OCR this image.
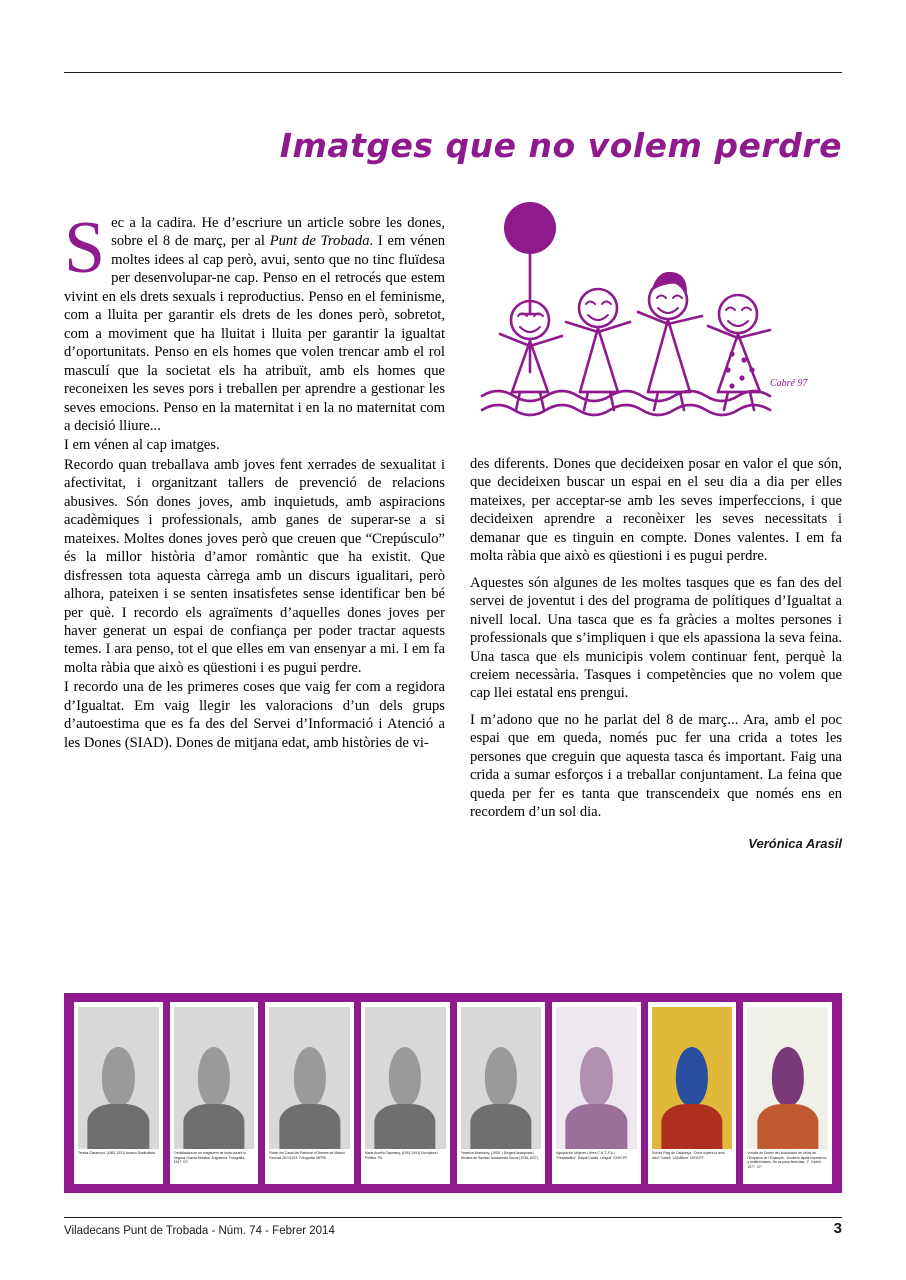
Imatges que no volem perdre
Cabré 97

Sec a la cadira. He d’escriure un article sobre les dones, sobre el 8 de març, per al Punt de Trobada. I em vénen moltes idees al cap però, avui, sento que no tinc fluïdesa per desenvolupar-ne cap. Penso en el retrocés que estem vivint en els drets sexuals i reproductius. Penso en el feminisme, com a lluita per garantir els drets de les dones però, sobretot, com a moviment que ha lluitat i lluita per garantir la igualtat d’oportunitats. Penso en els homes que volen trencar amb el rol masculí que la societat els ha atribuït, amb els homes que reconeixen les seves pors i treballen per aprendre a gestionar les seves emocions. Penso en la maternitat i en la no maternitat com a decisió lliure...

I em vénen al cap imatges.

Recordo quan treballava amb joves fent xerrades de sexualitat i afectivitat, i organitzant tallers de prevenció de relacions abusives. Són dones joves, amb inquietuds, amb aspiracions acadèmiques i professionals, amb ganes de superar-se a si mateixes. Moltes dones joves però que creuen que “Crepúsculo” és la millor història d’amor romàntic que ha existit. Que disfressen tota aquesta càrrega amb un discurs igualitari, però alhora, pateixen i se senten insatisfetes sense identificar ben bé per què. I recordo els agraïments d’aquelles dones joves per haver generat un espai de confiança per poder tractar aquests temes. I ara penso, tot el que elles em van ensenyar a mi. I em fa molta ràbia que això es qüestioni i es pugui perdre.

I recordo una de les primeres coses que vaig fer com a regidora d’Igualtat. Em vaig llegir les valoracions d’un dels grups d’autoestima que es fa des del Servei d’Informació i Atenció a les Dones (SIAD). Dones de mitjana edat, amb històries de vi-

des diferents. Dones que decideixen posar en valor el que són, que decideixen buscar un espai en el seu dia a dia per elles mateixes, per acceptar-se amb les seves imperfeccions, i que decideixen aprendre a reconèixer les seves necessitats i demanar que es tinguin en compte. Dones valentes. I em fa molta ràbia que això es qüestioni i es pugui perdre.

Aquestes són algunes de les moltes tasques que es fan des del servei de joventut i des del programa de polítiques d’Igualtat a nivell local. Una tasca que es fa gràcies a moltes persones i professionals que s’impliquen i que els apassiona la seva feina. Una tasca que els municipis volem continuar fent, perquè la creiem necessària. Tasques i competències que no volem que cap llei estatal ens prengui.

I m’adono que no he parlat del 8 de març... Ara, amb el poc espai que em queda, només puc fer una crida a totes les persones que creguin que aquesta tasca és important. Faig una crida a sumar esforços i a treballar conjuntament. La feina que queda per fer es tanta que transcendeix que només ens en recordem d’un sol dia.

Verónica Arasil
Teresa Claramunt, (1862-1931) Anarco-Sindicalista.	Treballadora en un magatzem de fusta durant la Segona Guerra Mundial. Anglaterra. Fotografia, 1947. CP.
Rober del Casal del Patronat d’Obreres de Mataró. Feminal 26/1/1913. Fotografia, MPFB.
Maria Aurèlia Capmany, (1918-1991) Escriptora i Política. PA.
Federica Montseny, (1905- ) Dirigent Anarquista i Ministra de Sanitat i Assistència Social (1936-1937).
Agrupación Mujeres Libres C.N.T.-F.A.I. “Resaltadilla”. Dalçat Català. Litògraf. CEHCPF.
Socors Roig de Catalunya. “Dona supera la teva obra” Cartell. 125x88cm. CEHCPF.
Vocalia de Dones de l’Associació de Veïns de l’Esquerra de l’Eixample. “Anuleció lapsis impresivos y antifeministes. No se pasa feminista, J”. Cartell 1977, CP.
Viladecans Punt de Trobada - Núm. 74 - Febrer 2014	3
